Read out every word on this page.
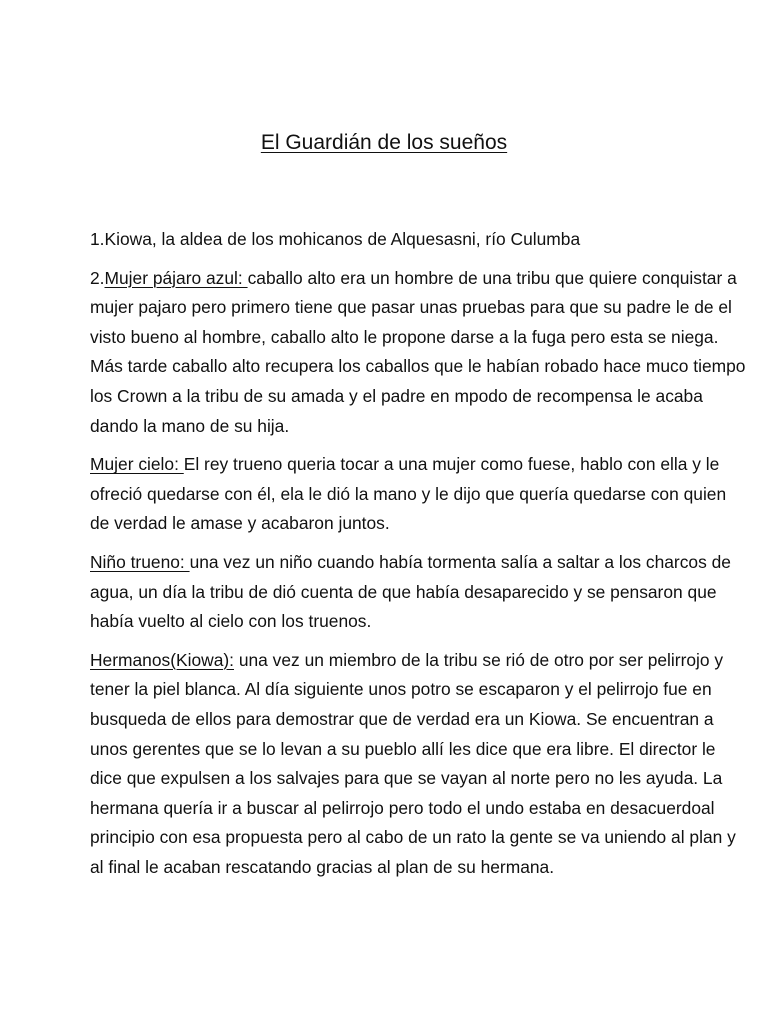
El Guardián de los sueños

1.Kiowa, la aldea de los mohicanos de Alquesasni, río Culumba

2.Mujer pájaro azul: caballo alto era un hombre de una tribu que quiere conquistar a mujer pajaro pero primero tiene que pasar unas pruebas para que su padre le de el visto bueno al hombre, caballo alto le propone darse a la fuga pero esta se niega. Más tarde caballo alto recupera los caballos que le habían robado hace muco tiempo los Crown a la tribu de su amada y el padre en mpodo de recompensa le acaba dando la mano de su hija.

Mujer cielo: El rey trueno queria tocar a una mujer como fuese, hablo con ella y le ofreció quedarse con él, ela le dió la mano y le dijo que quería quedarse con quien de verdad le amase y acabaron juntos.

Niño trueno: una vez un niño cuando había tormenta salía a saltar a los charcos de agua, un día la tribu de dió cuenta de que había desaparecido y se pensaron que había vuelto al cielo con los truenos.

Hermanos(Kiowa): una vez un miembro de la tribu se rió de otro por ser pelirrojo y tener la piel blanca. Al día siguiente unos potro se escaparon y el pelirrojo fue en busqueda de ellos para demostrar que de verdad era un Kiowa. Se encuentran a unos gerentes que se lo levan a su pueblo allí les dice que era libre. El director le dice que expulsen a los salvajes para que se vayan al norte pero no les ayuda. La hermana quería ir a buscar al pelirrojo pero todo el undo estaba en desacuerdoal principio con esa propuesta pero al cabo de un rato la gente se va uniendo al plan y al final le acaban rescatando gracias al plan de su hermana.
